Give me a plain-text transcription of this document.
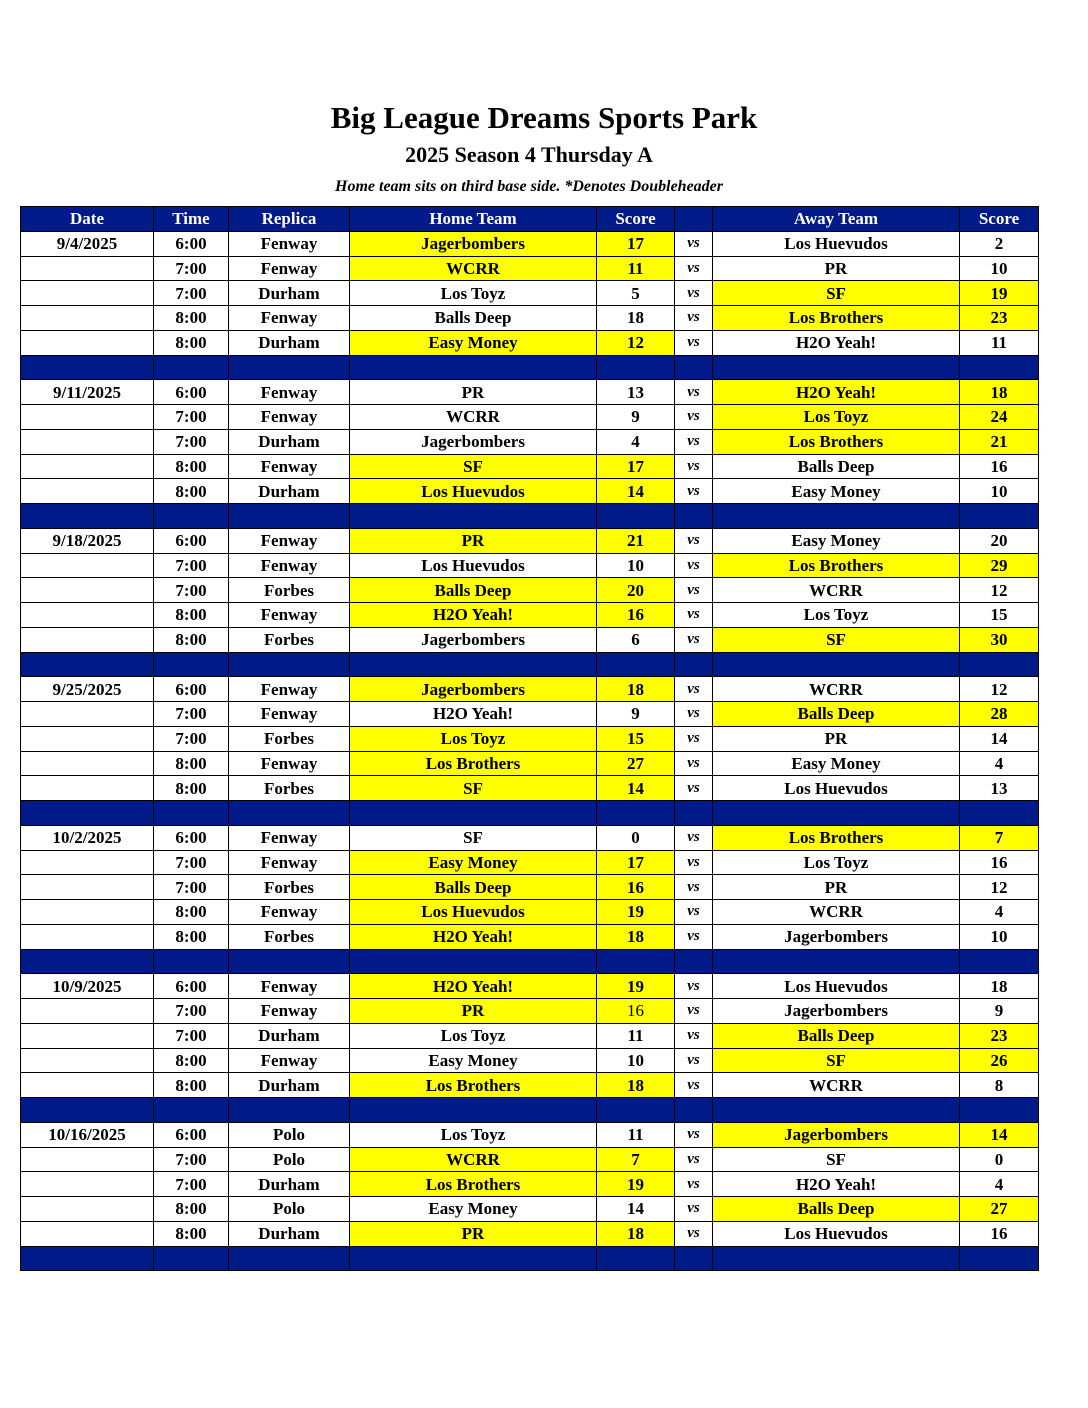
Big League Dreams Sports Park
2025 Season 4 Thursday A
Home team sits on third base side. *Denotes Doubleheader
Date	Time	Replica	Home Team	Score		Away Team	Score
9/4/2025	6:00	Fenway	Jagerbombers	17	vs	Los Huevudos	2
	7:00	Fenway	WCRR	11	vs	PR	10
	7:00	Durham	Los Toyz	5	vs	SF	19
	8:00	Fenway	Balls Deep	18	vs	Los Brothers	23
	8:00	Durham	Easy Money	12	vs	H2O Yeah!	11

9/11/2025	6:00	Fenway	PR	13	vs	H2O Yeah!	18
	7:00	Fenway	WCRR	9	vs	Los Toyz	24
	7:00	Durham	Jagerbombers	4	vs	Los Brothers	21
	8:00	Fenway	SF	17	vs	Balls Deep	16
	8:00	Durham	Los Huevudos	14	vs	Easy Money	10

9/18/2025	6:00	Fenway	PR	21	vs	Easy Money	20
	7:00	Fenway	Los Huevudos	10	vs	Los Brothers	29
	7:00	Forbes	Balls Deep	20	vs	WCRR	12
	8:00	Fenway	H2O Yeah!	16	vs	Los Toyz	15
	8:00	Forbes	Jagerbombers	6	vs	SF	30

9/25/2025	6:00	Fenway	Jagerbombers	18	vs	WCRR	12
	7:00	Fenway	H2O Yeah!	9	vs	Balls Deep	28
	7:00	Forbes	Los Toyz	15	vs	PR	14
	8:00	Fenway	Los Brothers	27	vs	Easy Money	4
	8:00	Forbes	SF	14	vs	Los Huevudos	13

10/2/2025	6:00	Fenway	SF	0	vs	Los Brothers	7
	7:00	Fenway	Easy Money	17	vs	Los Toyz	16
	7:00	Forbes	Balls Deep	16	vs	PR	12
	8:00	Fenway	Los Huevudos	19	vs	WCRR	4
	8:00	Forbes	H2O Yeah!	18	vs	Jagerbombers	10

10/9/2025	6:00	Fenway	H2O Yeah!	19	vs	Los Huevudos	18
	7:00	Fenway	PR	16	vs	Jagerbombers	9
	7:00	Durham	Los Toyz	11	vs	Balls Deep	23
	8:00	Fenway	Easy Money	10	vs	SF	26
	8:00	Durham	Los Brothers	18	vs	WCRR	8

10/16/2025	6:00	Polo	Los Toyz	11	vs	Jagerbombers	14
	7:00	Polo	WCRR	7	vs	SF	0
	7:00	Durham	Los Brothers	19	vs	H2O Yeah!	4
	8:00	Polo	Easy Money	14	vs	Balls Deep	27
	8:00	Durham	PR	18	vs	Los Huevudos	16
